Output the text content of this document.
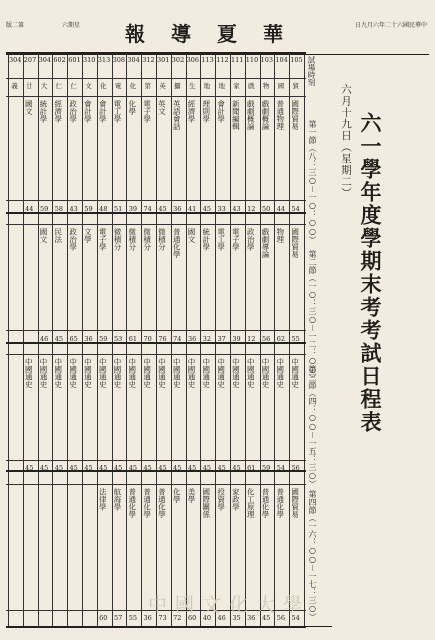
版二第	六期星 報導夏華	日九月六年二十六國民華中
105
貿
104
國
103
物
110
戲
111
家
112
地
113
地
306
生
302
攝
301
英
312
第
304
化
308
電
313
化
310
文
601
仁
602
仁
304
大
207
廿
304
義
國際貿易
普通物理
戲劇概論
戲劇概論
新聞編輯
會計學
理則學
經濟學
英語會話
英文
電子學
化學
電工學
會計學
會計學
政治學
經濟學
統計學
國文
54
44
50
12
43
33
45
41
36
45
74
39
51
48
59
43
58
59
44
國際貿易
物理
戲劇導論
政治學
電子學
電工學
統計學
國文
普通化學
微積分
微積分
微積分
微積分
電子學
文學
政治學
民法
國文
55
62
56
12
39
37
32
36
74
76
70
61
53
59
36
65
45
46
中國通史
中國通史
中國通史
中國通史
中國通史
中國通史
中國通史
中國通史
中國通史
中國通史
中國通史
中國通史
中國通史
中國通史
中國通史
中國通史
中國通史
中國通史
中國通史
56
54
59
61
45
45
45
45
45
45
45
45
45
45
45
45
45
45
45
國際貿易
普通化學
普通化學
化工原理
家政學
投資學
國際關係
美學
化學
普通化學
普通化學
普通化學
航海學
法律學
54
56
45
36
35
46
40
60
72
73
36
55
57
60
試場時刻
六月十九日（星期二） 六一學年度學期末考考試日程表
第一節（八：三○－一○：○○）
第二節（一○：三○－一二：○○）
第三節（四：○○－一五：三○）
第四節（一六：○○－一七：三○）
中國文化大學
